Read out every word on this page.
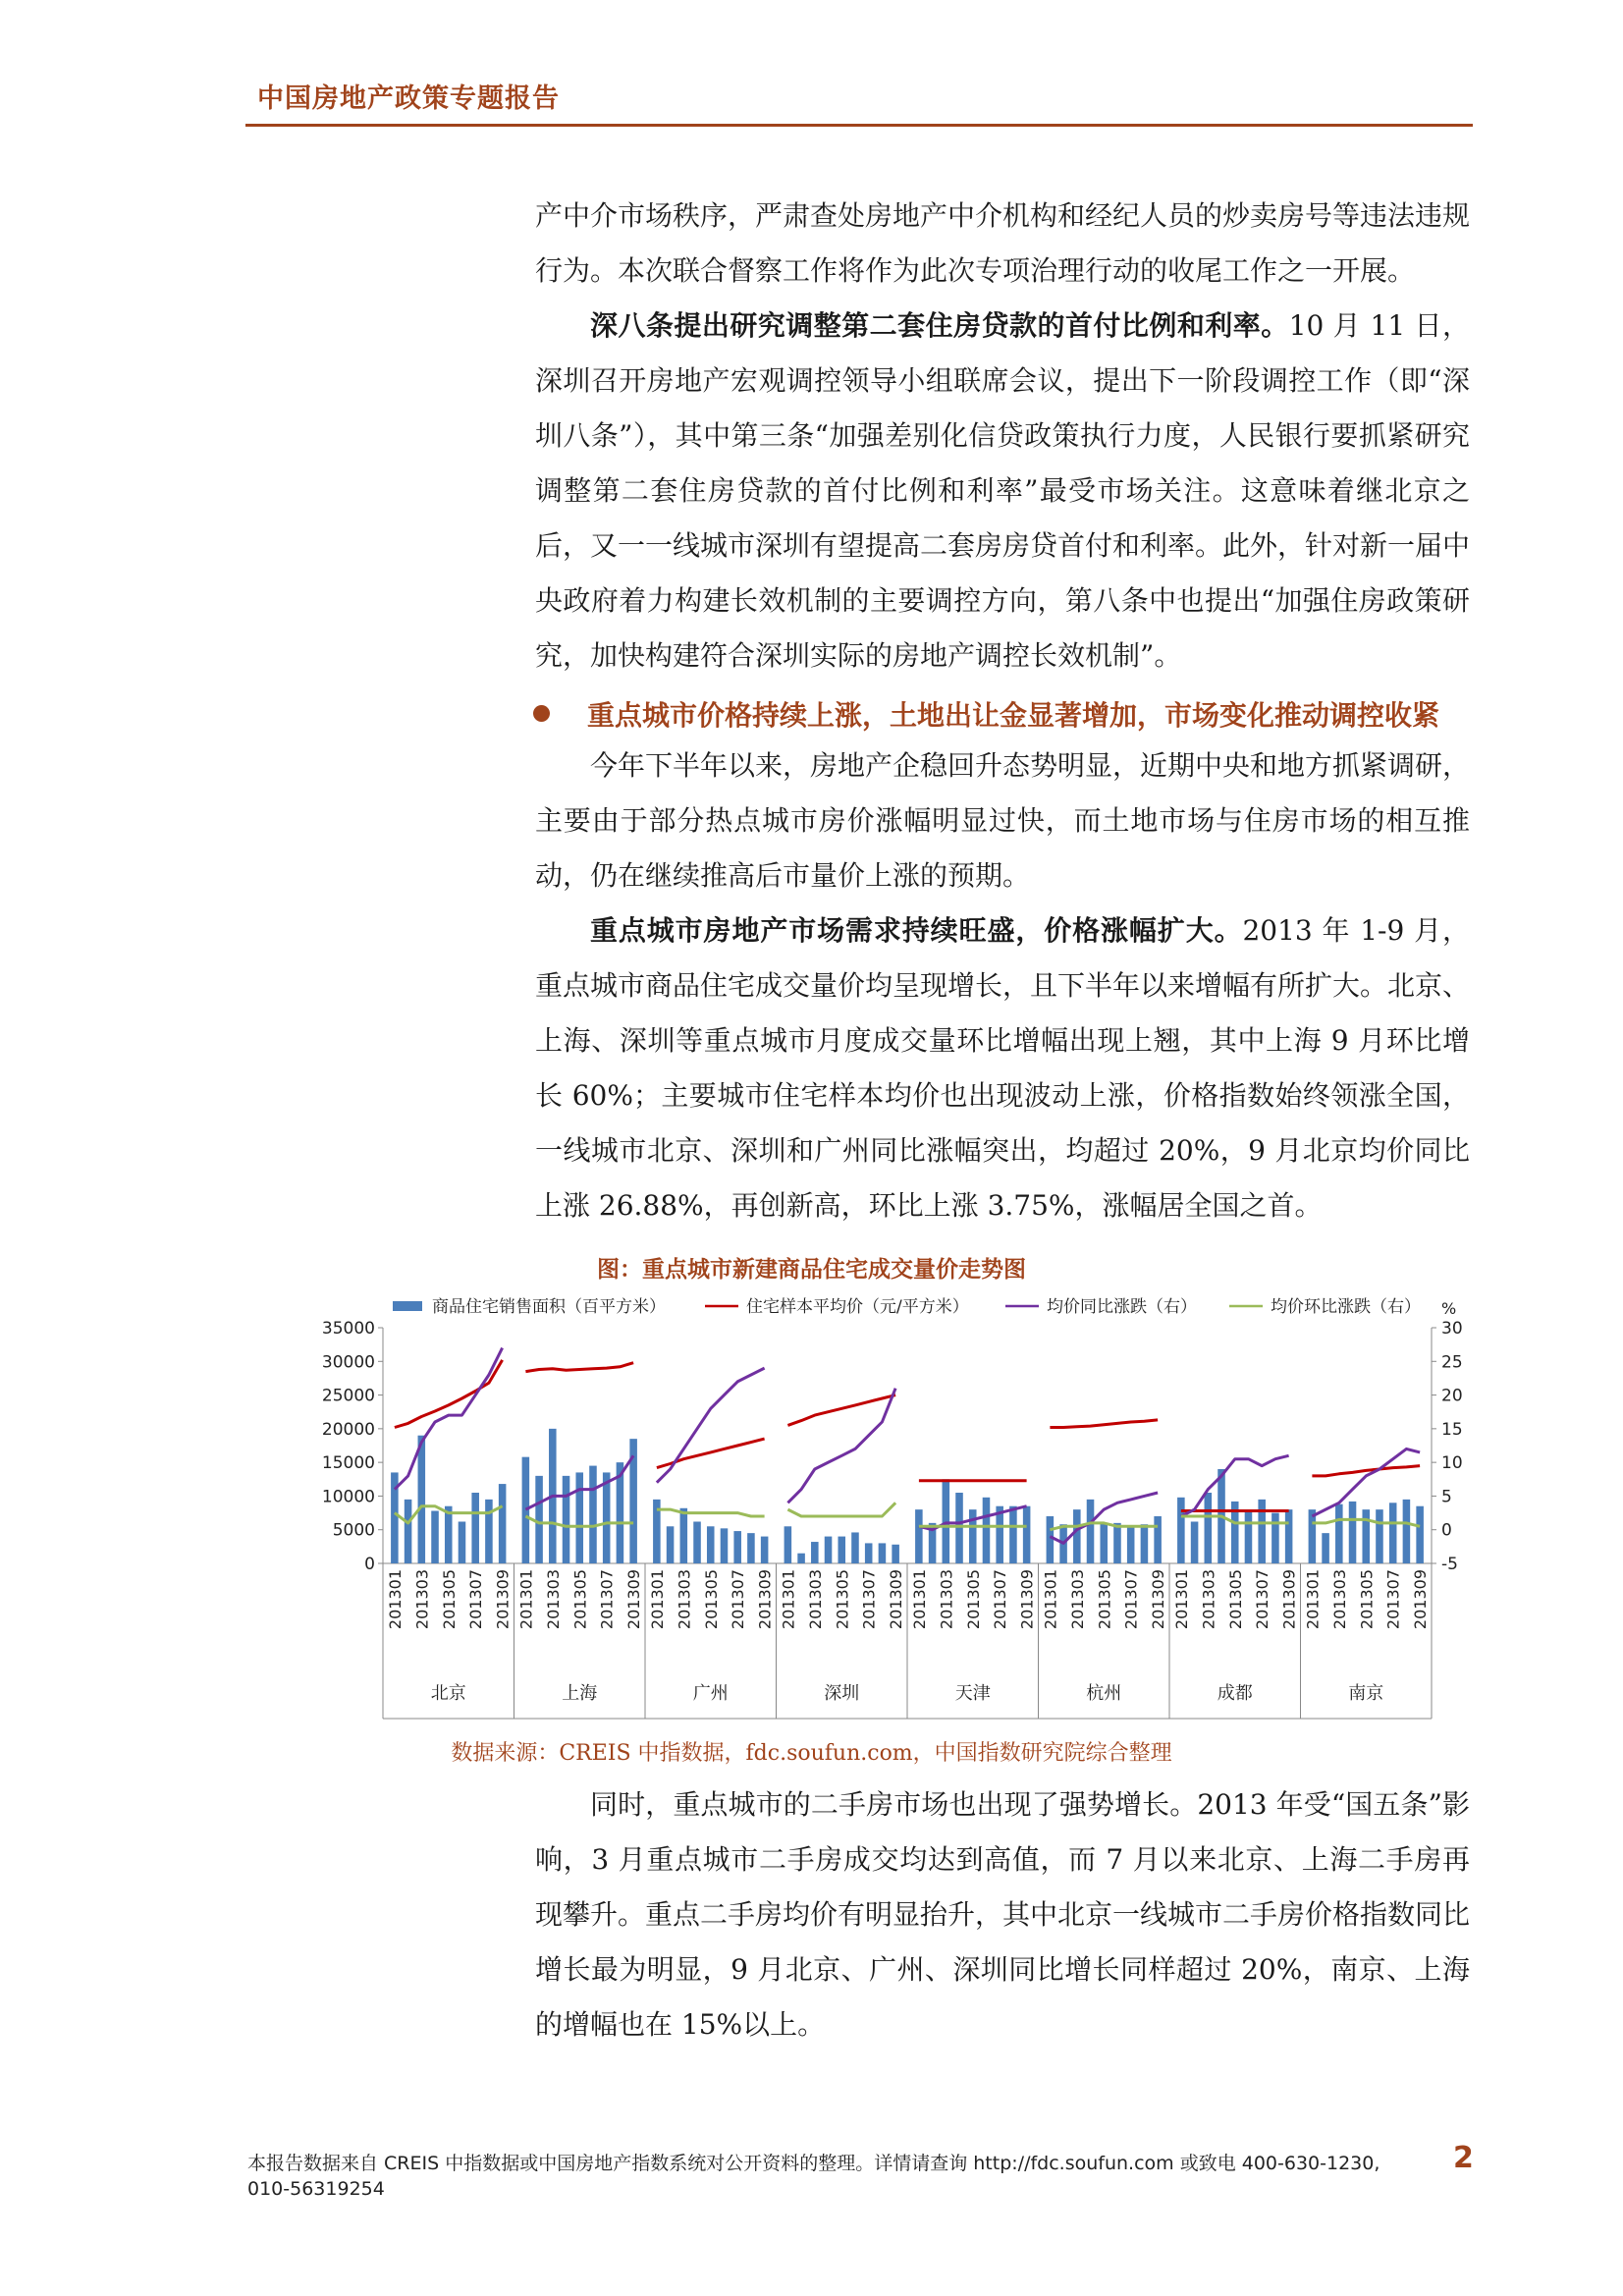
中国房地产政策专题报告

产中介市场秩序，严肃查处房地产中介机构和经纪人员的炒卖房号等违法违规行为。本次联合督察工作将作为此次专项治理行动的收尾工作之一开展。

深八条提出研究调整第二套住房贷款的首付比例和利率。10 月 11 日，深圳召开房地产宏观调控领导小组联席会议，提出下一阶段调控工作（即“深圳八条”），其中第三条“加强差别化信贷政策执行力度，人民银行要抓紧研究调整第二套住房贷款的首付比例和利率”最受市场关注。这意味着继北京之后，又一一线城市深圳有望提高二套房房贷首付和利率。此外，针对新一届中央政府着力构建长效机制的主要调控方向，第八条中也提出“加强住房政策研究，加快构建符合深圳实际的房地产调控长效机制”。

重点城市价格持续上涨，土地出让金显著增加，市场变化推动调控收紧

今年下半年以来，房地产企稳回升态势明显，近期中央和地方抓紧调研，主要由于部分热点城市房价涨幅明显过快，而土地市场与住房市场的相互推动，仍在继续推高后市量价上涨的预期。

重点城市房地产市场需求持续旺盛，价格涨幅扩大。2013 年 1-9 月，重点城市商品住宅成交量价均呈现增长，且下半年以来增幅有所扩大。北京、上海、深圳等重点城市月度成交量环比增幅出现上翘，其中上海 9 月环比增长 60%；主要城市住宅样本均价也出现波动上涨，价格指数始终领涨全国，一线城市北京、深圳和广州同比涨幅突出，均超过 20%，9 月北京均价同比上涨 26.88%，再创新高，环比上涨 3.75%，涨幅居全国之首。

图：重点城市新建商品住宅成交量价走势图
商品住宅销售面积（百平方米）	住宅样本平均价（元/平方米）	均价同比涨跌（右）	均价环比涨跌（右） %
35000
30000
25000
20000
15000
10000
5000
0
30
25
20
15
10
5
0
-5
201301 201303 201305 201307 201309
北京
201301 201303 201305 201307 201309
上海
201301 201303 201305 201307 201309
广州
201301 201303 201305 201307 201309
深圳
201301 201303 201305 201307 201309
天津
201301 201303 201305 201307 201309
杭州
201301 201303 201305 201307 201309
成都
201301 201303 201305 201307 201309
南京
数据来源：CREIS 中指数据，fdc.soufun.com，中国指数研究院综合整理

同时，重点城市的二手房市场也出现了强势增长。2013 年受“国五条”影响，3 月重点城市二手房成交均达到高值，而 7 月以来北京、上海二手房再现攀升。重点二手房均价有明显抬升，其中北京一线城市二手房价格指数同比增长最为明显，9 月北京、广州、深圳同比增长同样超过 20%，南京、上海的增幅也在 15%以上。

本报告数据来自 CREIS 中指数据或中国房地产指数系统对公开资料的整理。详情请查询 http://fdc.soufun.com 或致电 400-630-1230,
010-56319254
2
